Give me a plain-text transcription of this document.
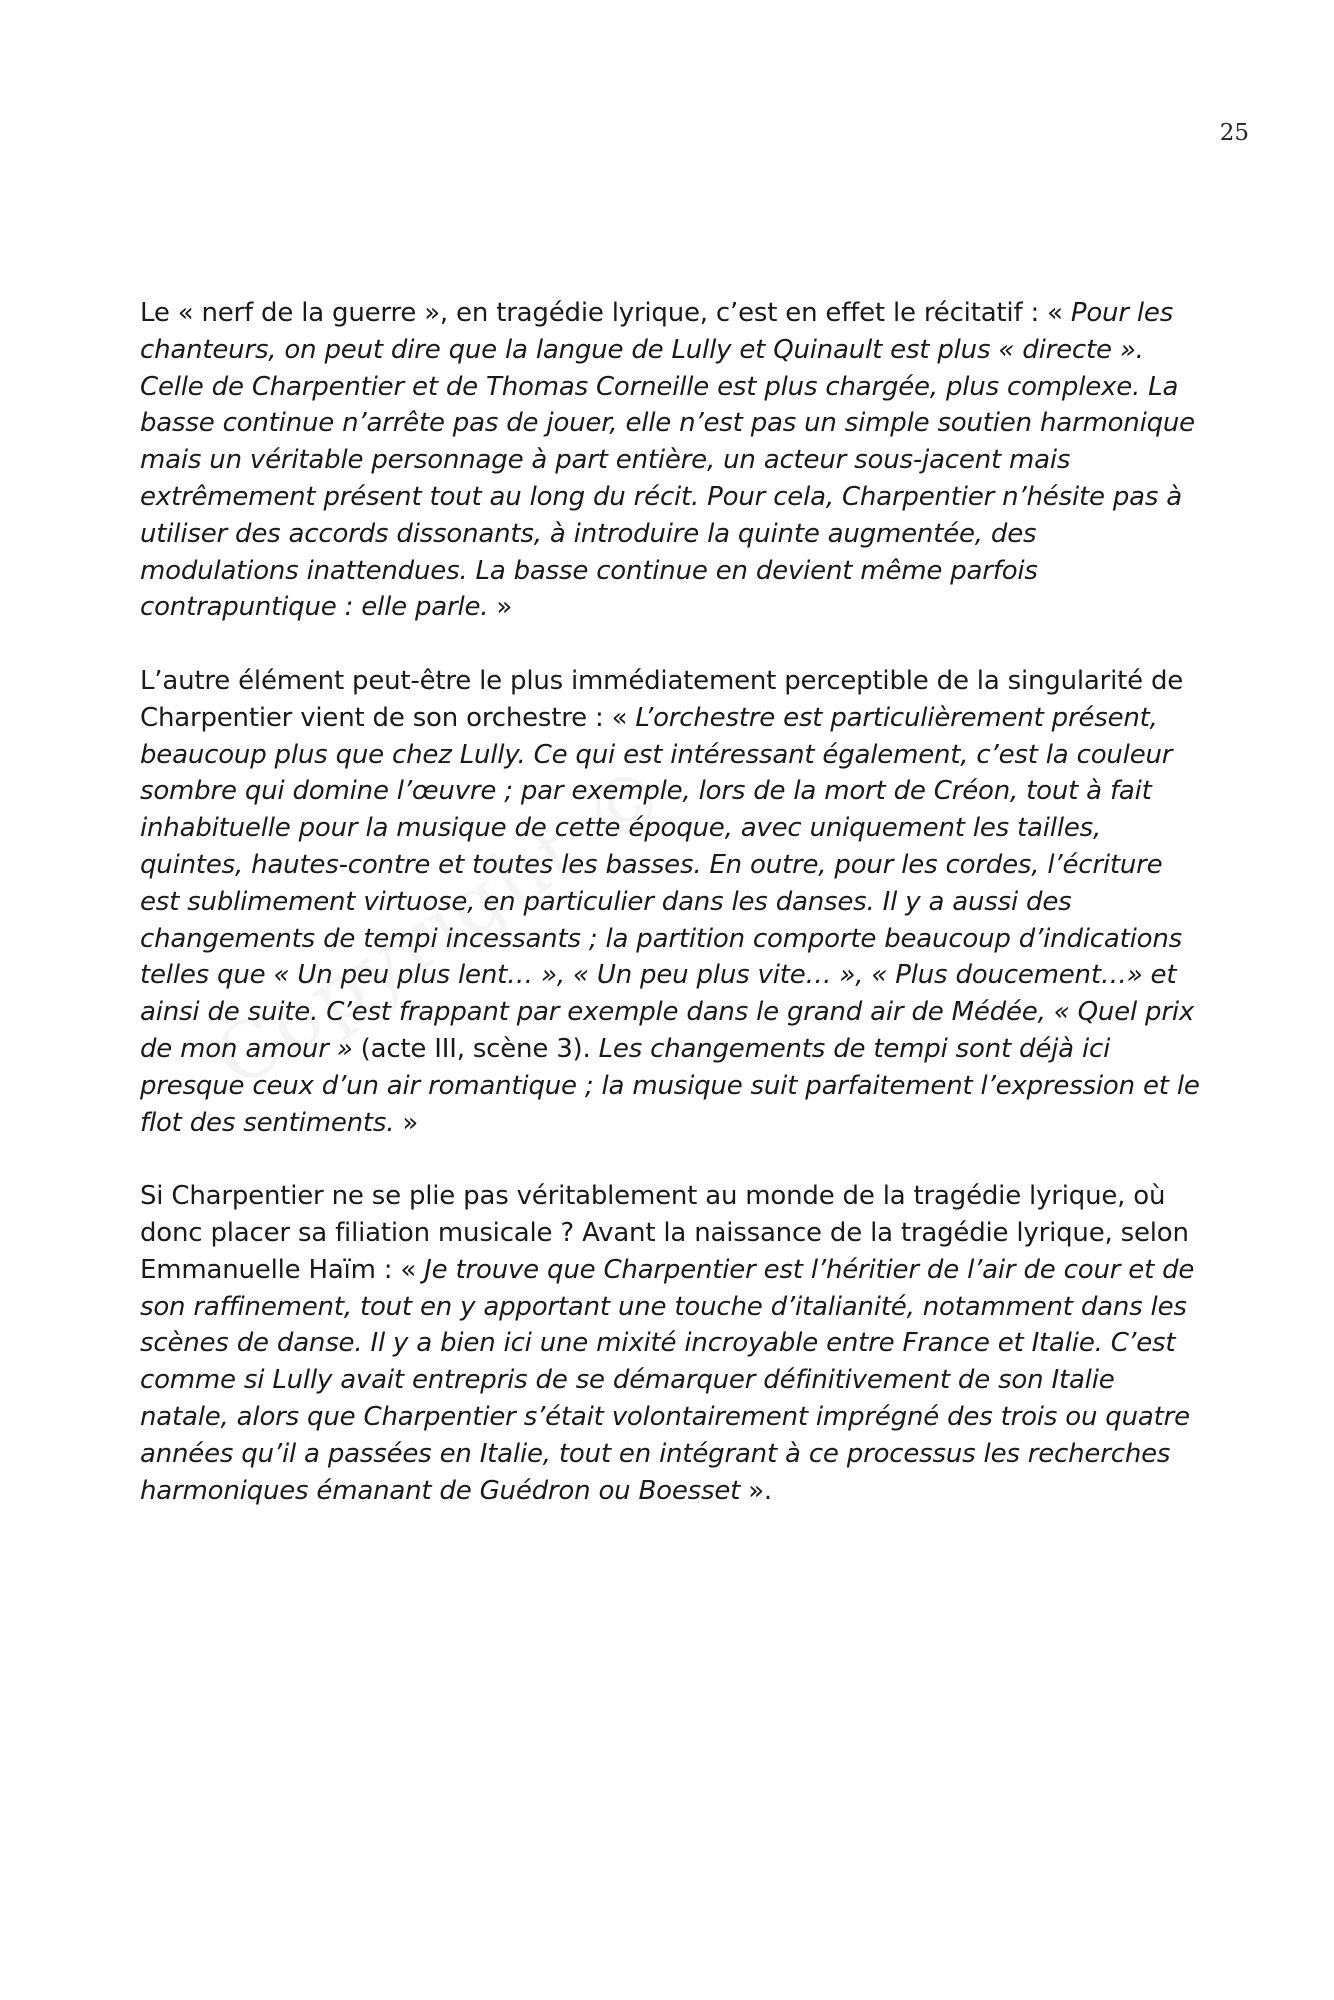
25

Le « nerf de la guerre », en tragédie lyrique, c’est en effet le récitatif : « Pour les chanteurs, on peut dire que la langue de Lully et Quinault est plus « directe ». Celle de Charpentier et de Thomas Corneille est plus chargée, plus complexe. La basse continue n’arrête pas de jouer, elle n’est pas un simple soutien harmonique mais un véritable personnage à part entière, un acteur sous-jacent mais extrêmement présent tout au long du récit. Pour cela, Charpentier n’hésite pas à utiliser des accords dissonants, à introduire la quinte augmentée, des modulations inattendues. La basse continue en devient même parfois contrapuntique : elle parle. »

L’autre élément peut-être le plus immédiatement perceptible de la singularité de Charpentier vient de son orchestre : « L’orchestre est particulièrement présent, beaucoup plus que chez Lully. Ce qui est intéressant également, c’est la couleur sombre qui domine l’œuvre ; par exemple, lors de la mort de Créon, tout à fait inhabituelle pour la musique de cette époque, avec uniquement les tailles, quintes, hautes-contre et toutes les basses. En outre, pour les cordes, l’écriture est sublimement virtuose, en particulier dans les danses. Il y a aussi des changements de tempi incessants ; la partition comporte beaucoup d’indications telles que « Un peu plus lent… », « Un peu plus vite… », « Plus doucement…» et ainsi de suite. C’est frappant par exemple dans le grand air de Médée, « Quel prix de mon amour » (acte III, scène 3). Les changements de tempi sont déjà ici presque ceux d’un air romantique ; la musique suit parfaitement l’expression et le flot des sentiments. »

Si Charpentier ne se plie pas véritablement au monde de la tragédie lyrique, où donc placer sa filiation musicale ? Avant la naissance de la tragédie lyrique, selon Emmanuelle Haïm : « Je trouve que Charpentier est l’héritier de l’air de cour et de son raffinement, tout en y apportant une touche d’italianité, notamment dans les scènes de danse. Il y a bien ici une mixité incroyable entre France et Italie. C’est comme si Lully avait entrepris de se démarquer définitivement de son Italie natale, alors que Charpentier s’était volontairement imprégné des trois ou quatre années qu’il a passées en Italie, tout en intégrant à ce processus les recherches harmoniques émanant de Guédron ou Boesset ».
